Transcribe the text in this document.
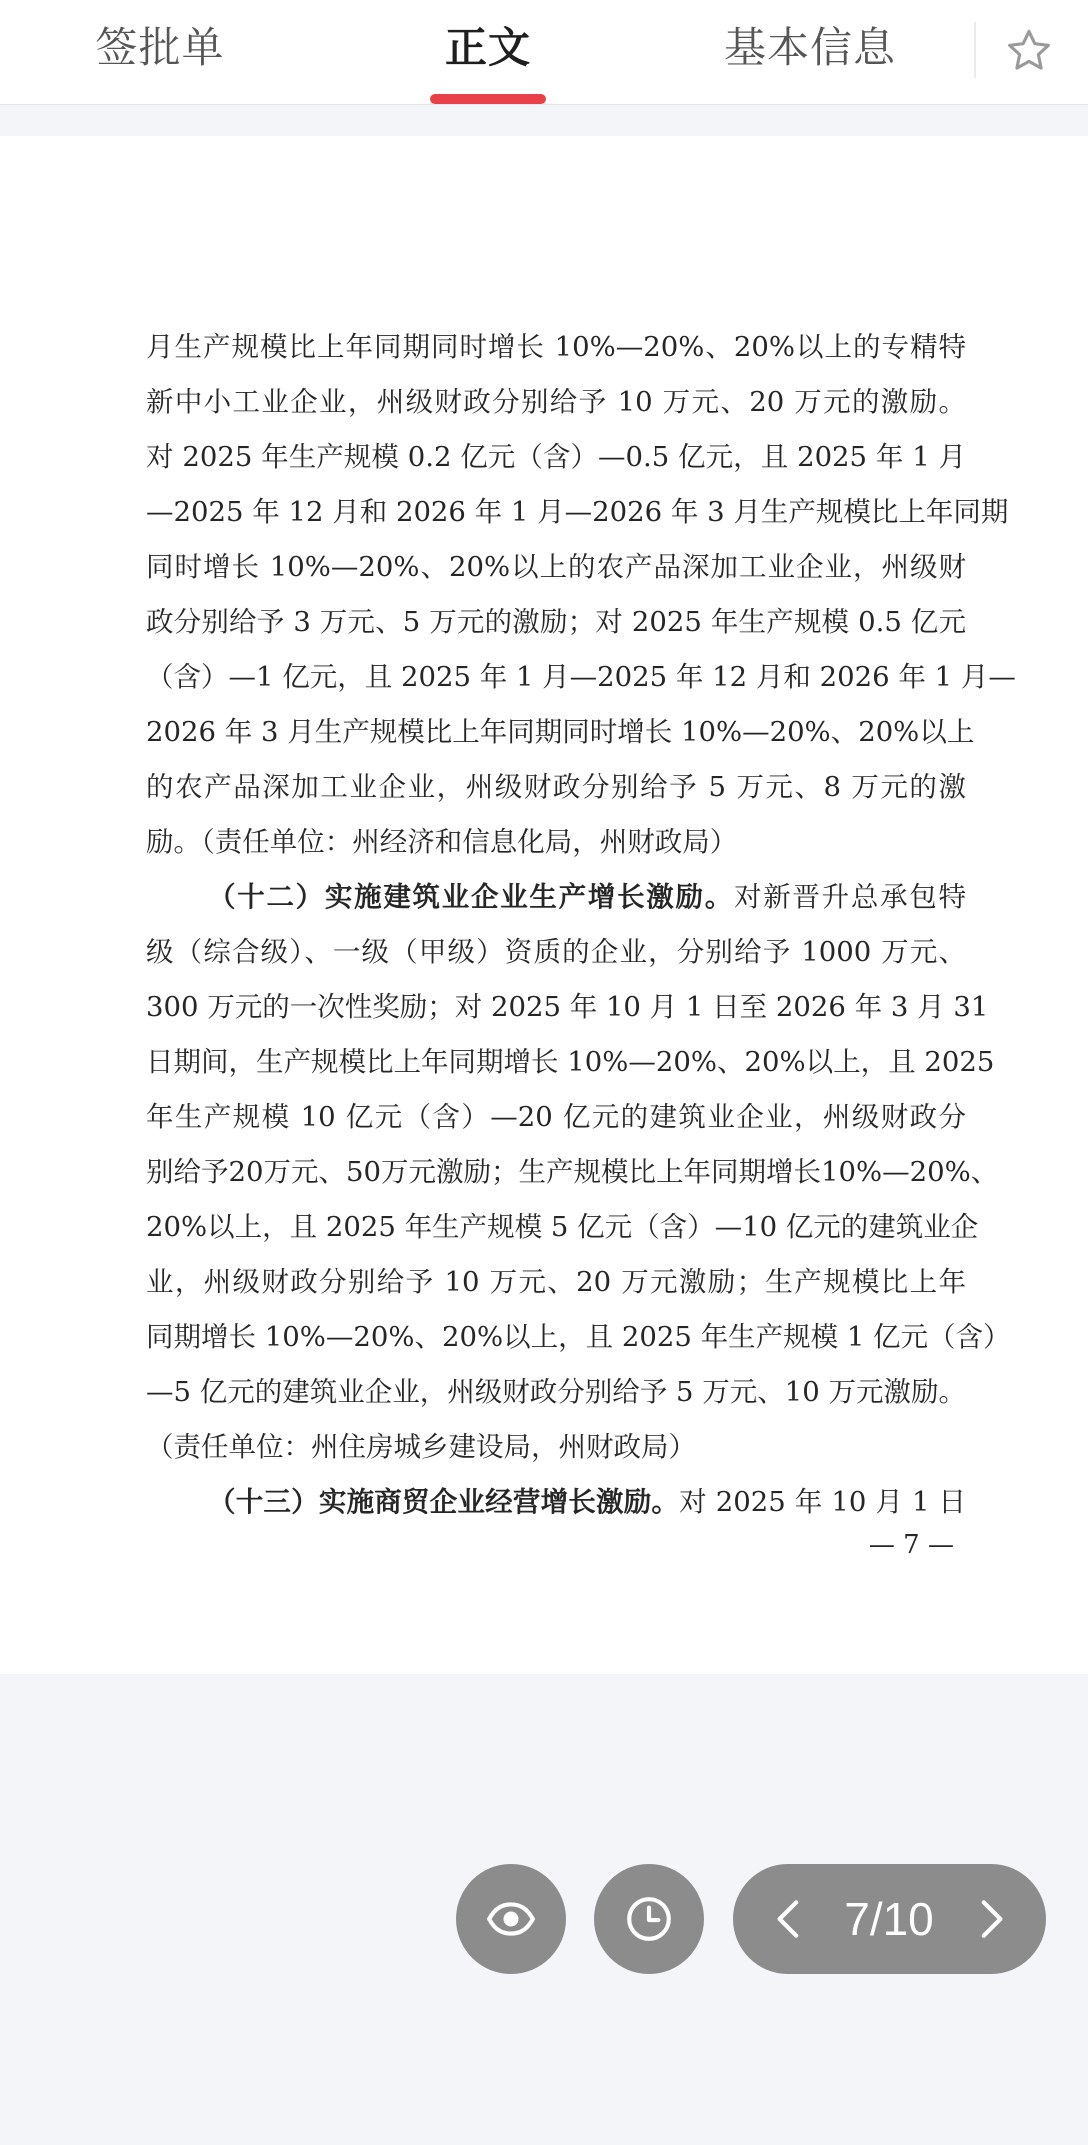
签批单	正文	基本信息
月生产规模比上年同期同时增长 10%—20%、20%以上的专精特
新中小工业企业，州级财政分别给予 10 万元、20 万元的激励。
对 2025 年生产规模 0.2 亿元（含）—0.5 亿元，且 2025 年 1 月
—2025 年 12 月和 2026 年 1 月—2026 年 3 月生产规模比上年同期
同时增长 10%—20%、20%以上的农产品深加工业企业，州级财
政分别给予 3 万元、5 万元的激励；对 2025 年生产规模 0.5 亿元
（含）—1 亿元，且 2025 年 1 月—2025 年 12 月和 2026 年 1 月—
2026 年 3 月生产规模比上年同期同时增长 10%—20%、20%以上
的农产品深加工业企业，州级财政分别给予 5 万元、8 万元的激
励。（责任单位：州经济和信息化局，州财政局）
（十二）实施建筑业企业生产增长激励。对新晋升总承包特
级（综合级）、一级（甲级）资质的企业，分别给予 1000 万元、
300 万元的一次性奖励；对 2025 年 10 月 1 日至 2026 年 3 月 31
日期间，生产规模比上年同期增长 10%—20%、20%以上，且 2025
年生产规模 10 亿元（含）—20 亿元的建筑业企业，州级财政分
别给予20万元、50万元激励；生产规模比上年同期增长10%—20%、
20%以上，且 2025 年生产规模 5 亿元（含）—10 亿元的建筑业企
业，州级财政分别给予 10 万元、20 万元激励；生产规模比上年
同期增长 10%—20%、20%以上，且 2025 年生产规模 1 亿元（含）
—5 亿元的建筑业企业，州级财政分别给予 5 万元、10 万元激励。
（责任单位：州住房城乡建设局，州财政局）
（十三）实施商贸企业经营增长激励。对 2025 年 10 月 1 日
— 7 —
7/10
